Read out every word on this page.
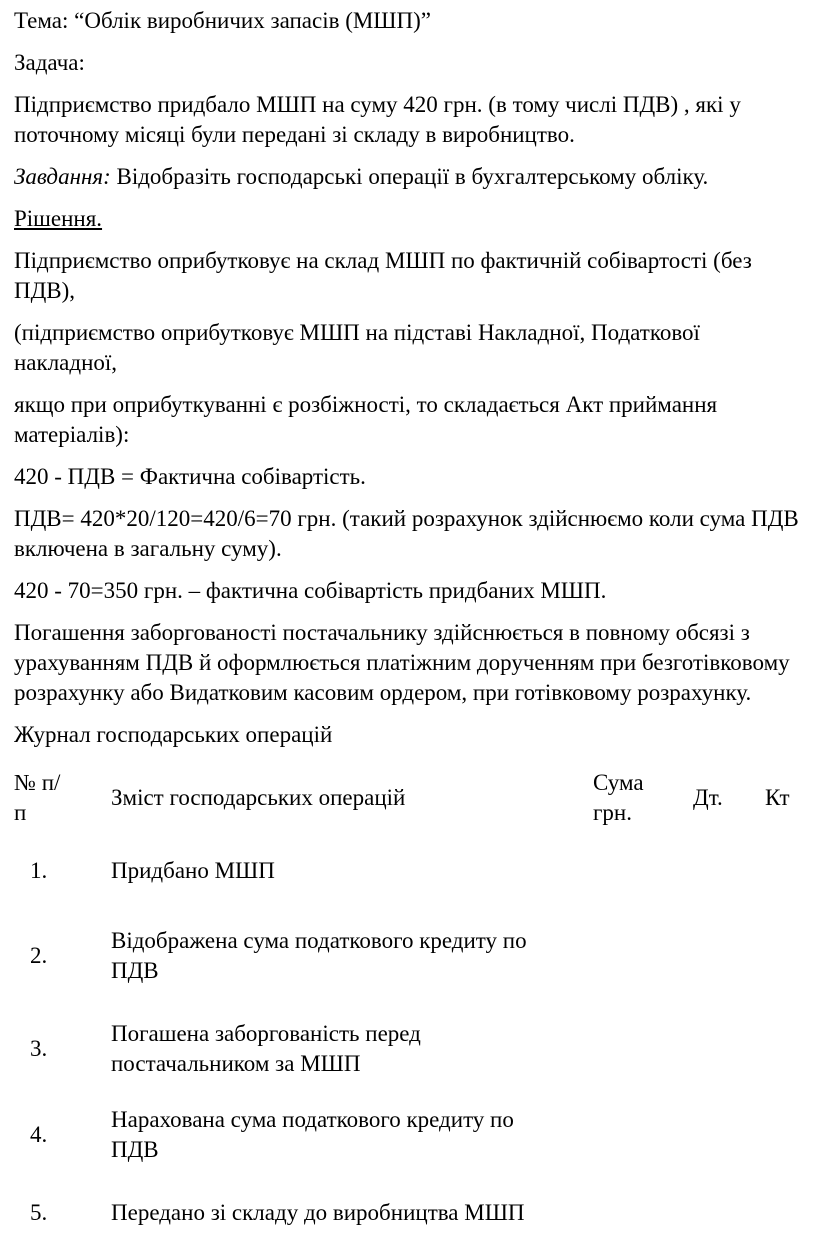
Тема: “Облік виробничих запасів (МШП)”

Задача:

Підприємство придбало МШП на суму 420 грн. (в тому числі ПДВ) , які у поточному місяці були передані зі складу в виробництво.

Завдання: Відобразіть господарські операції в бухгалтерському обліку.

Рішення.

Підприємство оприбутковує на склад МШП по фактичній собівартості (без ПДВ),

(підприємство оприбутковує МШП на підставі Накладної, Податкової накладної,

якщо при оприбуткуванні є розбіжності, то складається Акт приймання матеріалів):

420 - ПДВ = Фактична собівартість.

ПДВ= 420*20/120=420/6=70 грн. (такий розрахунок здійснюємо коли сума ПДВ включена в загальну суму).

420 - 70=350 грн. – фактична собівартість придбаних МШП.

Погашення заборгованості постачальнику здійснюється в повному обсязі з урахуванням ПДВ й оформлюється платіжним дорученням при безготівковому розрахунку або Видатковим касовим ордером, при готівковому розрахунку.

Журнал господарських операцій

№ п/п	Зміст господарських операцій	Сума грн.	Дт.	Кт
1.	Придбано МШП			
2.	Відображена сума податкового кредиту по ПДВ			
3.	Погашена заборгованість перед постачальником за МШП			
4.	Нарахована сума податкового кредиту по ПДВ			
5.	Передано зі складу до виробництва МШП			
